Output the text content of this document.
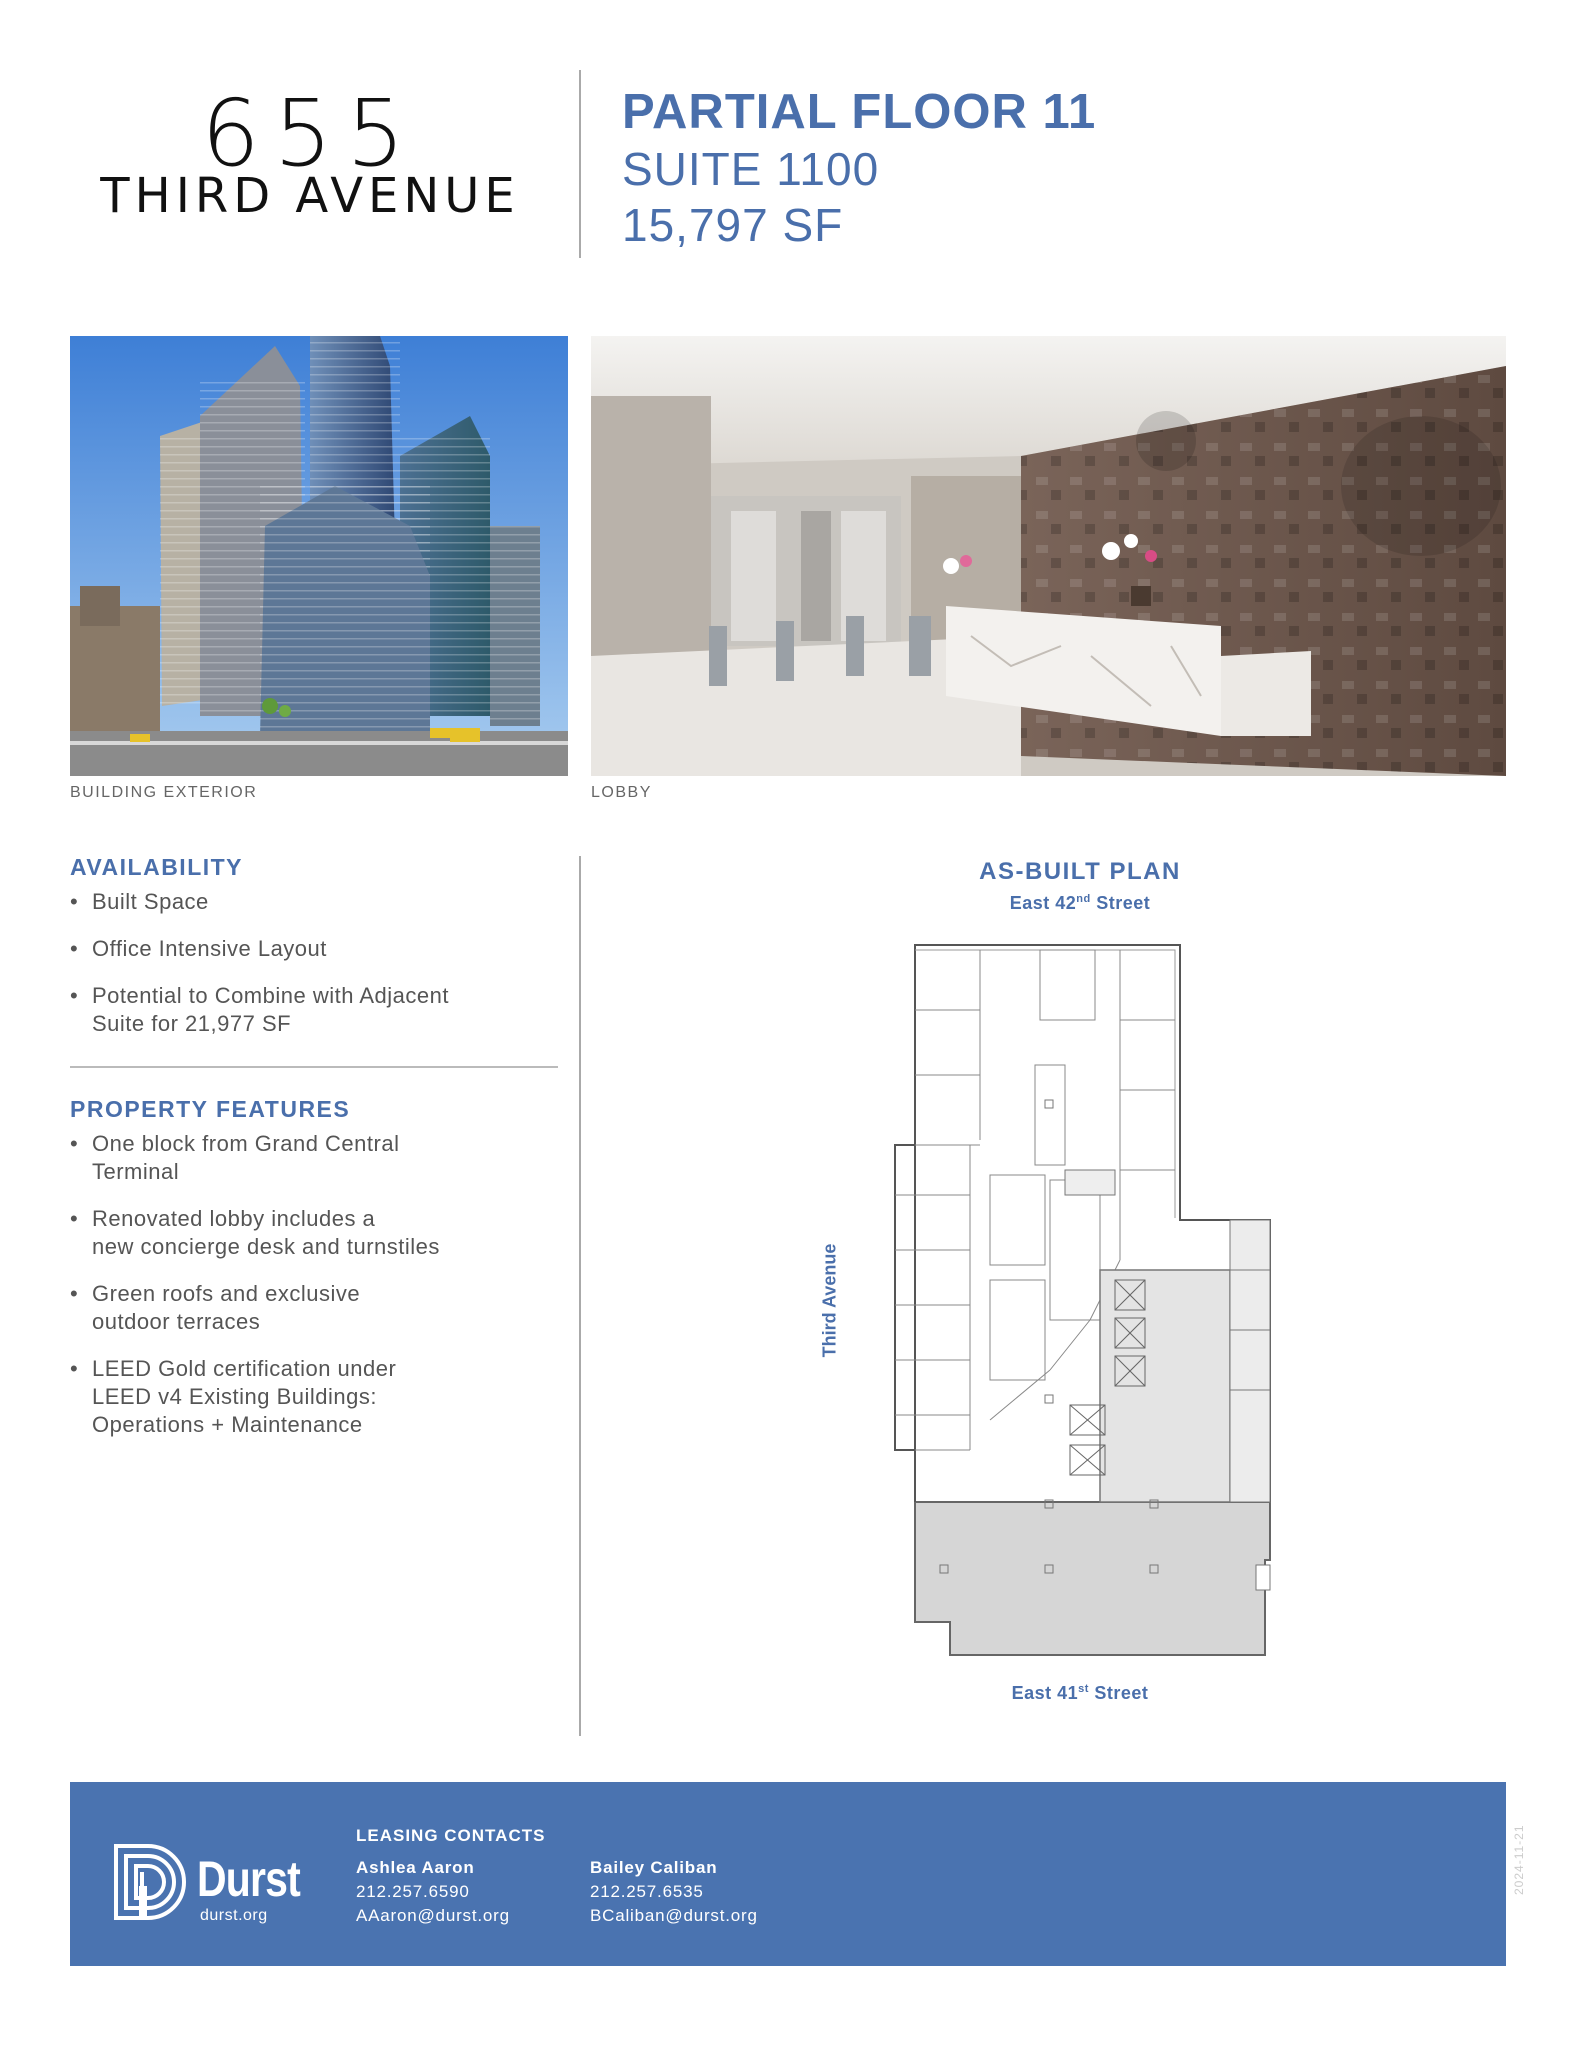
655
THIRD AVENUE
PARTIAL FLOOR 11
SUITE 1100
15,797 SF
BUILDING EXTERIOR	LOBBY
AVAILABILITY
• Built Space
• Office Intensive Layout
• Potential to Combine with Adjacent
Suite for 21,977 SF
PROPERTY FEATURES
• One block from Grand Central
Terminal
• Renovated lobby includes a
new concierge desk and turnstiles
• Green roofs and exclusive
outdoor terraces
• LEED Gold certification under
LEED v4 Existing Buildings:
Operations + Maintenance
AS-BUILT PLAN
East 42nd Street
Third Avenue
East 41st Street
Durst
durst.org
LEASING CONTACTS
Ashlea Aaron
212.257.6590
AAaron@durst.org
Bailey Caliban
212.257.6535
BCaliban@durst.org
2024-11-21
